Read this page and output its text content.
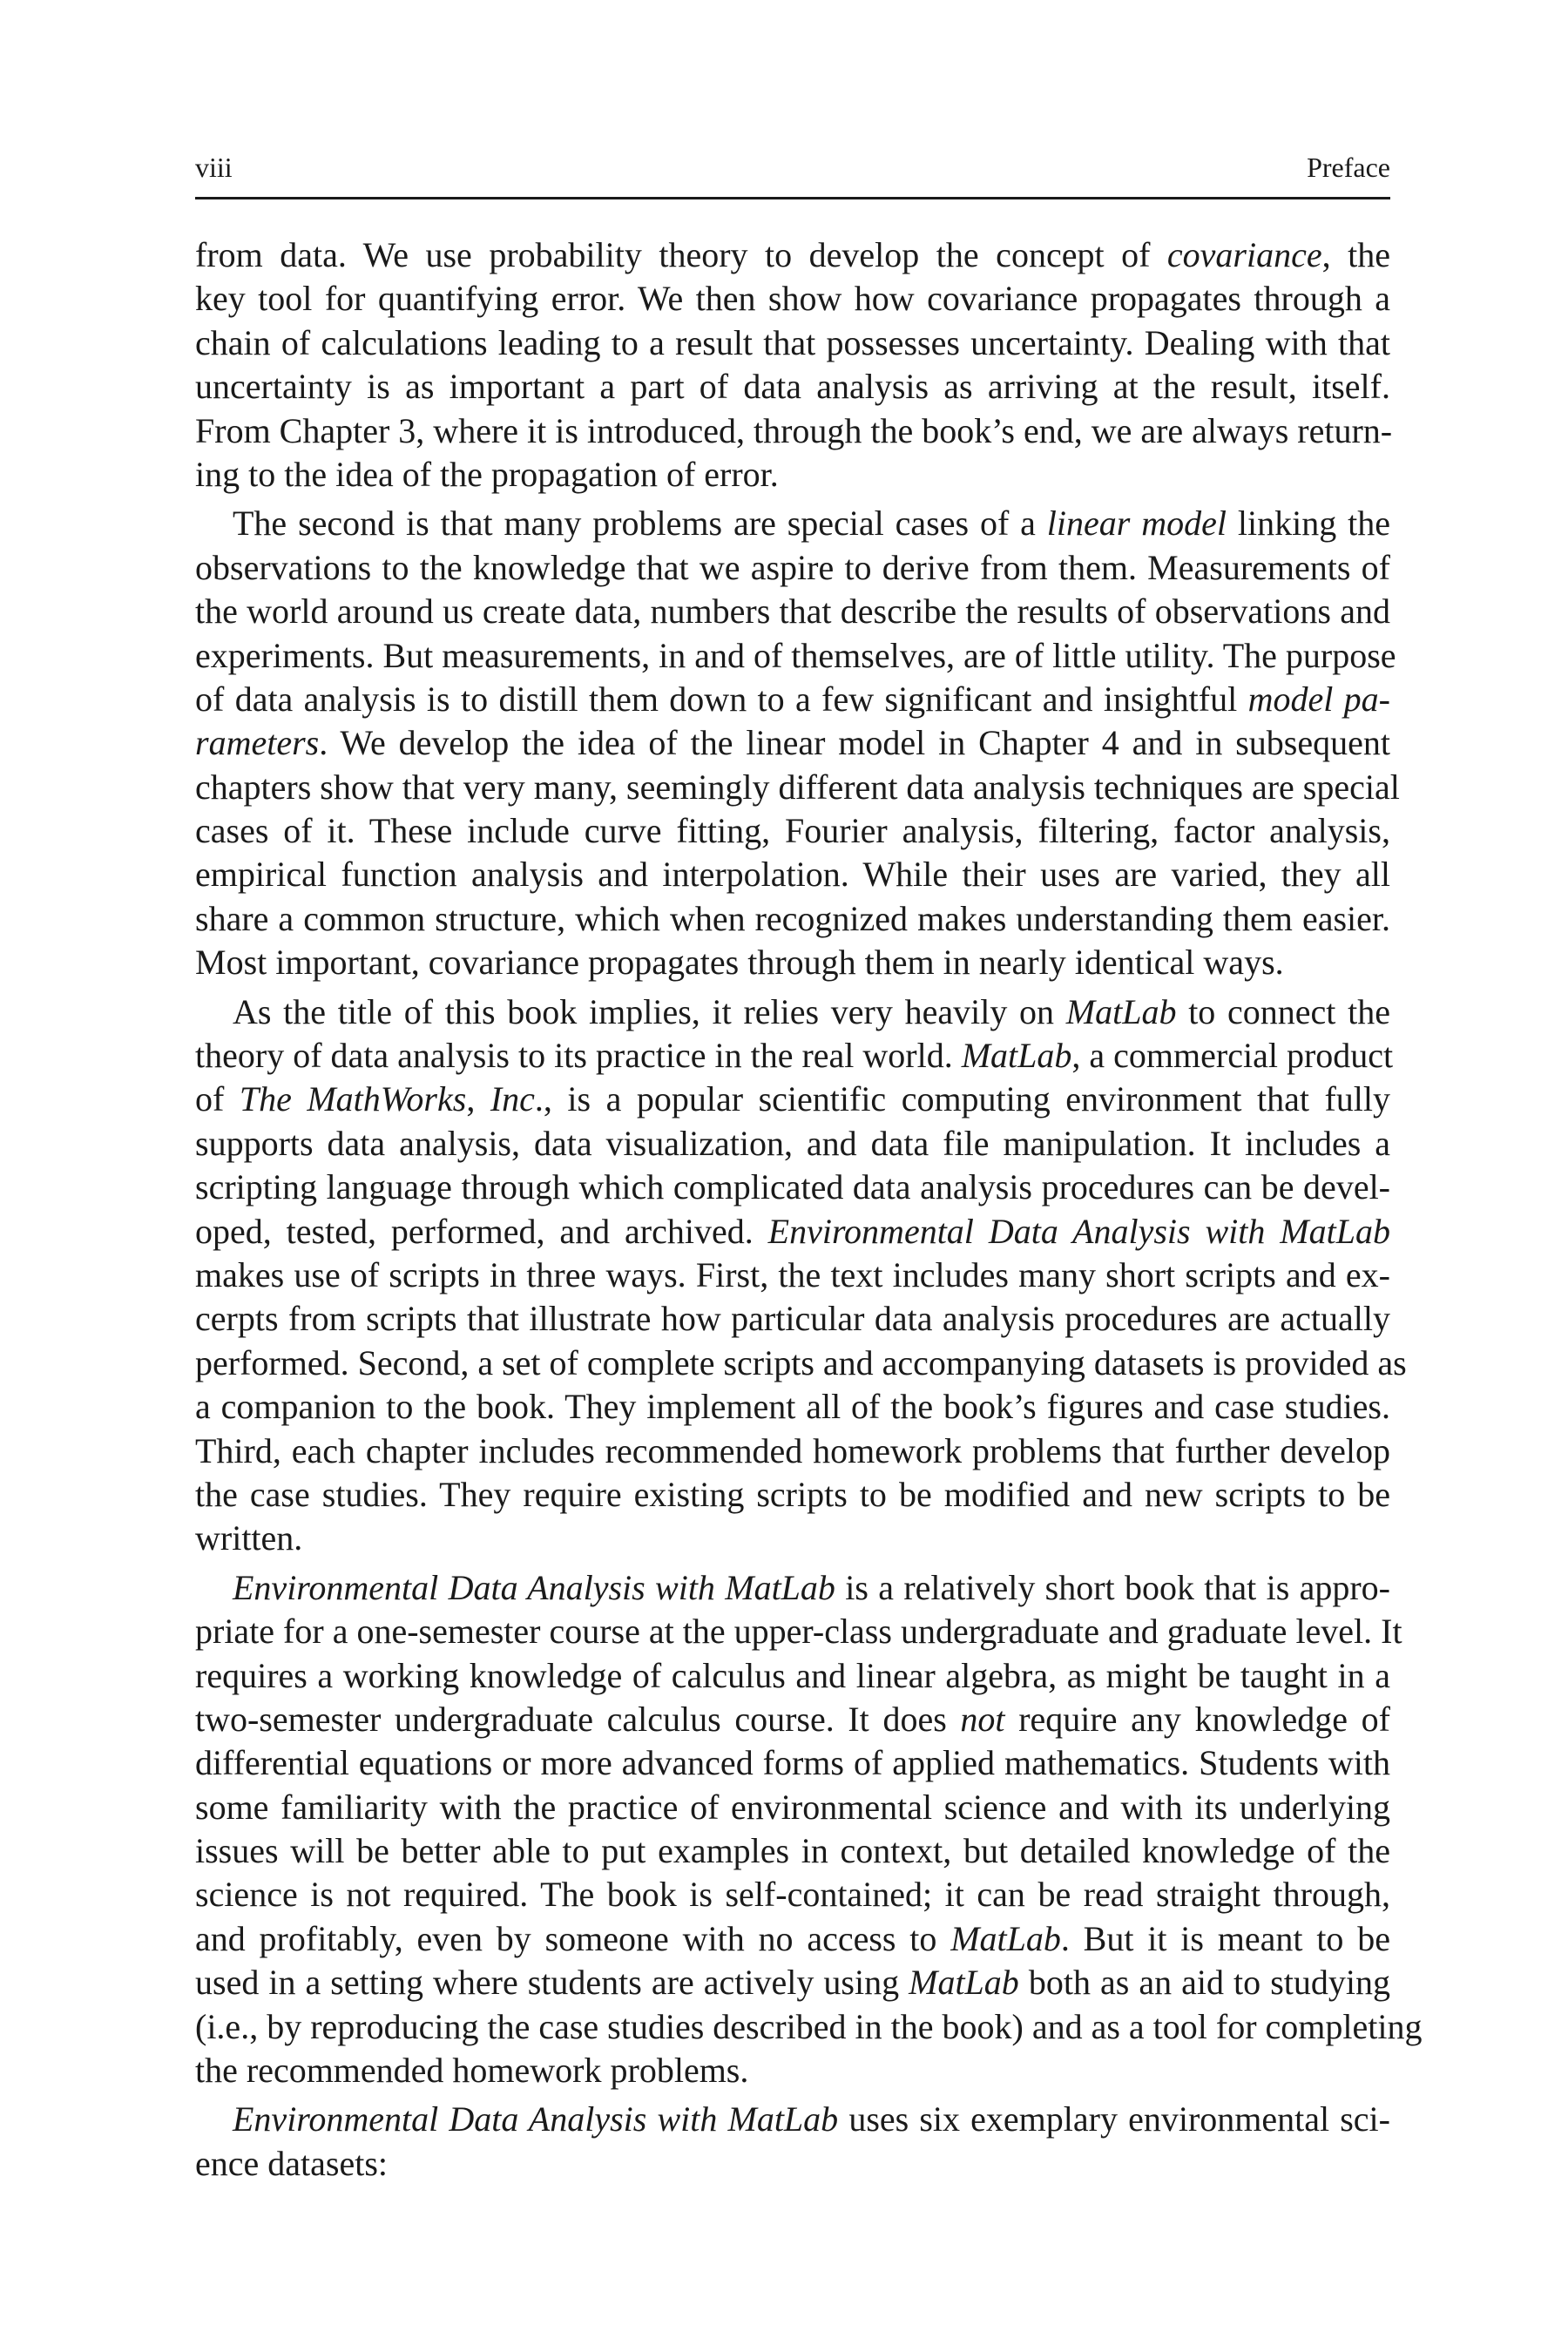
viii	Preface
from data. We use probability theory to develop the concept of covariance, the
key tool for quantifying error. We then show how covariance propagates through a
chain of calculations leading to a result that possesses uncertainty. Dealing with that
uncertainty is as important a part of data analysis as arriving at the result, itself.
From Chapter 3, where it is introduced, through the book’s end, we are always return-
ing to the idea of the propagation of error.
The second is that many problems are special cases of a linear model linking the
observations to the knowledge that we aspire to derive from them. Measurements of
the world around us create data, numbers that describe the results of observations and
experiments. But measurements, in and of themselves, are of little utility. The purpose
of data analysis is to distill them down to a few significant and insightful model pa-
rameters. We develop the idea of the linear model in Chapter 4 and in subsequent
chapters show that very many, seemingly different data analysis techniques are special
cases of it. These include curve fitting, Fourier analysis, filtering, factor analysis,
empirical function analysis and interpolation. While their uses are varied, they all
share a common structure, which when recognized makes understanding them easier.
Most important, covariance propagates through them in nearly identical ways.
As the title of this book implies, it relies very heavily on MatLab to connect the
theory of data analysis to its practice in the real world. MatLab, a commercial product
of The MathWorks, Inc., is a popular scientific computing environment that fully
supports data analysis, data visualization, and data file manipulation. It includes a
scripting language through which complicated data analysis procedures can be devel-
oped, tested, performed, and archived. Environmental Data Analysis with MatLab
makes use of scripts in three ways. First, the text includes many short scripts and ex-
cerpts from scripts that illustrate how particular data analysis procedures are actually
performed. Second, a set of complete scripts and accompanying datasets is provided as
a companion to the book. They implement all of the book’s figures and case studies.
Third, each chapter includes recommended homework problems that further develop
the case studies. They require existing scripts to be modified and new scripts to be
written.
Environmental Data Analysis with MatLab is a relatively short book that is appro-
priate for a one-semester course at the upper-class undergraduate and graduate level. It
requires a working knowledge of calculus and linear algebra, as might be taught in a
two-semester undergraduate calculus course. It does not require any knowledge of
differential equations or more advanced forms of applied mathematics. Students with
some familiarity with the practice of environmental science and with its underlying
issues will be better able to put examples in context, but detailed knowledge of the
science is not required. The book is self-contained; it can be read straight through,
and profitably, even by someone with no access to MatLab. But it is meant to be
used in a setting where students are actively using MatLab both as an aid to studying
(i.e., by reproducing the case studies described in the book) and as a tool for completing
the recommended homework problems.
Environmental Data Analysis with MatLab uses six exemplary environmental sci-
ence datasets:
